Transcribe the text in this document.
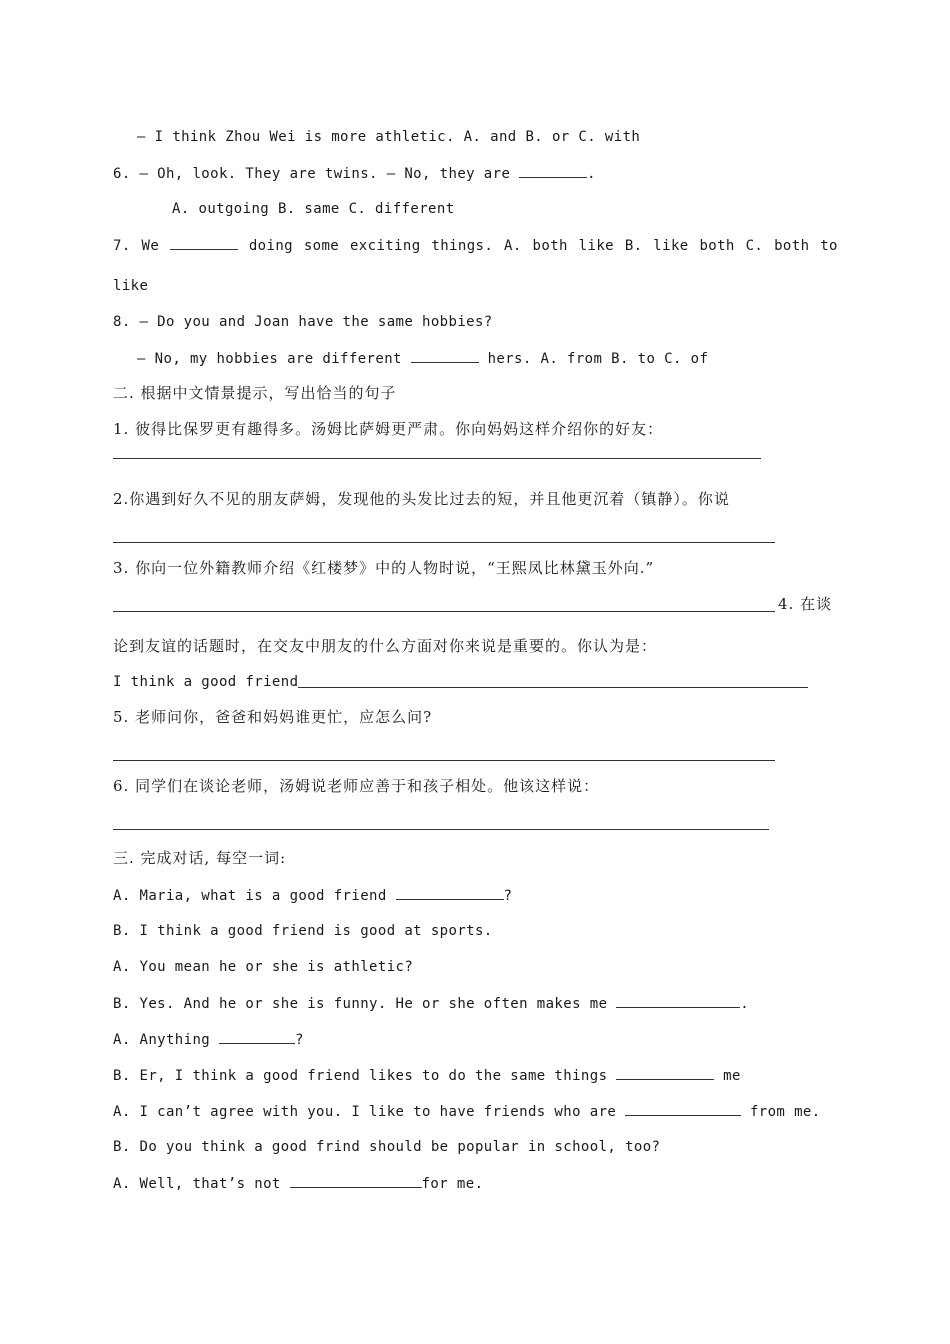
— I think Zhou Wei is more athletic. A. and B. or C. with
6. — Oh, look. They are twins. — No, they are	.
A. outgoing B. same C. different
7. We	doing some exciting things. A. both like B. like both C. both to
like
8. — Do you and Joan have the same hobbies?
— No, my hobbies are different	hers. A. from B. to C. of
二. 根据中文情景提示，写出恰当的句子
1. 彼得比保罗更有趣得多。汤姆比萨姆更严肃。你向妈妈这样介绍你的好友：
2.你遇到好久不见的朋友萨姆，发现他的头发比过去的短，并且他更沉着（镇静）。你说
3. 你向一位外籍教师介绍《红楼梦》中的人物时说，“王熙凤比林黛玉外向.”
4. 在谈
论到友谊的话题时，在交友中朋友的什么方面对你来说是重要的。你认为是：
I think a good friend
5. 老师问你，爸爸和妈妈谁更忙，应怎么问?
6. 同学们在谈论老师，汤姆说老师应善于和孩子相处。他该这样说：
三. 完成对话, 每空一词:
A. Maria, what is a good friend	?
B. I think a good friend is good at sports.
A. You mean he or she is athletic?
B. Yes. And he or she is funny. He or she often makes me	.
A. Anything	?
B. Er, I think a good friend likes to do the same things	me
A. I can’t agree with you. I like to have friends who are	from me.
B. Do you think a good frind should be popular in school, too?
A. Well, that’s not	for me.
